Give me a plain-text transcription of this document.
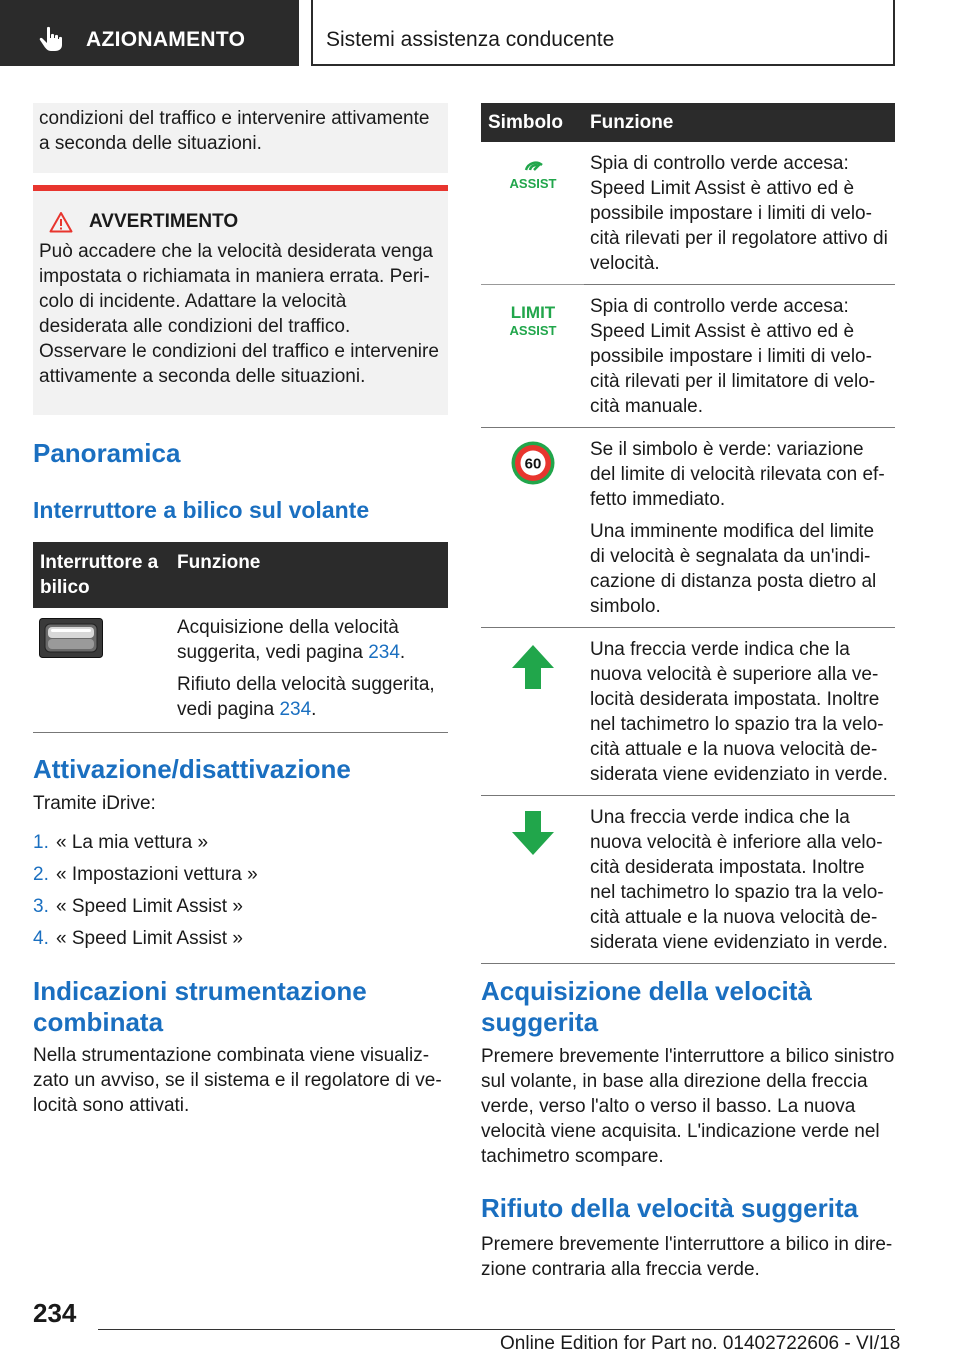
AZIONAMENTO	Sistemi assistenza conducente

condizioni del traffico e intervenire attivamente a seconda delle situazioni.

AVVERTIMENTO

Può accadere che la velocità desiderata venga impostata o richiamata in maniera errata. Pericolo di incidente. Adattare la velocità desiderata alle condizioni del traffico. Osservare le condizioni del traffico e intervenire attivamente a seconda delle situazioni.

Panoramica
Interruttore a bilico sul volante
Interruttore a bilico	Funzione

Acquisizione della velocità suggerita, vedi pagina 234.

Rifiuto della velocità suggerita, vedi pagina 234.

Attivazione/disattivazione

Tramite iDrive:

1. « La mia vettura »
2. « Impostazioni vettura »
3. « Speed Limit Assist »
4. « Speed Limit Assist »
Indicazioni strumentazione combinata

Nella strumentazione combinata viene visualizzato un avviso, se il sistema e il regolatore di velocità sono attivati.

Simbolo	Funzione

ASSIST	Spia di controllo verde accesa: Speed Limit Assist è attivo ed è possibile impostare i limiti di velocità rilevati per il regolatore attivo di velocità.

LIMIT
ASSIST	Spia di controllo verde accesa: Speed Limit Assist è attivo ed è possibile impostare i limiti di velocità rilevati per il limitatore di velocità manuale.

60	Se il simbolo è verde: variazione del limite di velocità rilevata con effetto immediato.

Una imminente modifica del limite di velocità è segnalata da un'indicazione di distanza posta dietro al simbolo.

	Una freccia verde indica che la nuova velocità è superiore alla velocità desiderata impostata. Inoltre nel tachimetro lo spazio tra la velocità attuale e la nuova velocità desiderata viene evidenziato in verde.
	Una freccia verde indica che la nuova velocità è inferiore alla velocità desiderata impostata. Inoltre nel tachimetro lo spazio tra la velocità attuale e la nuova velocità desiderata viene evidenziato in verde.
Acquisizione della velocità suggerita

Premere brevemente l'interruttore a bilico sinistro sul volante, in base alla direzione della freccia verde, verso l'alto o verso il basso. La nuova velocità viene acquisita. L'indicazione verde nel tachimetro scompare.

Rifiuto della velocità suggerita

Premere brevemente l'interruttore a bilico in direzione contraria alla freccia verde.

234
Online Edition for Part no. 01402722606 - VI/18
